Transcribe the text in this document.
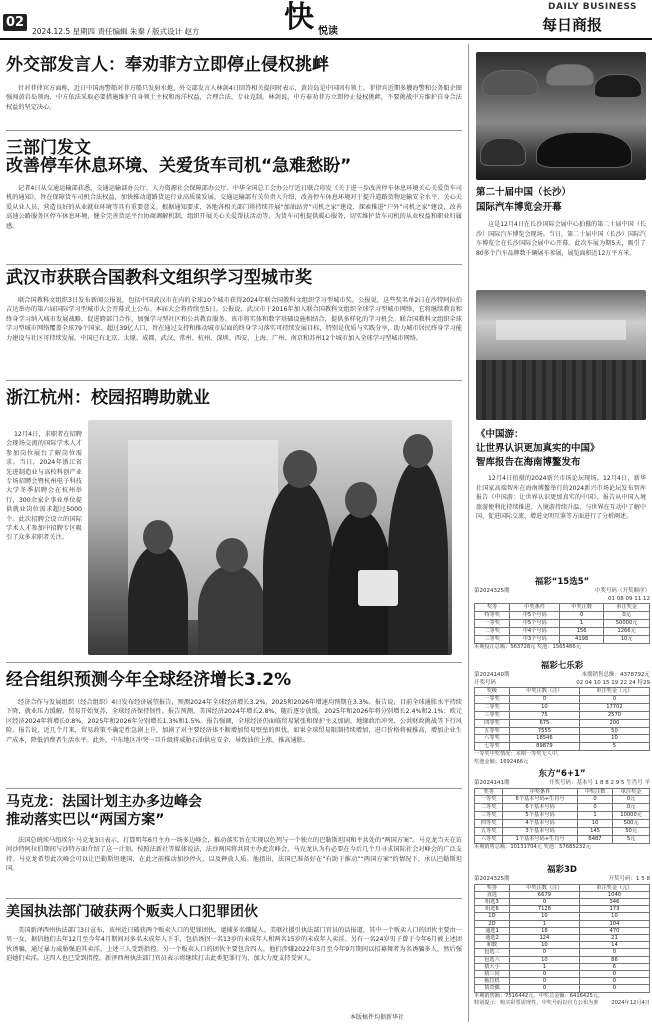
02
2024.12.5 星期四 责任编辑 朱秦 / 版式设计 赵方	快 悦读
DAILY BUSINESS
每日商报
外交部发言人：奉劝菲方立即停止侵权挑衅

针对菲律宾方面称，近日中国海警船对菲方船只发射水炮，外交部发言人林剑4日回答相关提问时表示，黄岩岛是中国固有领土。菲律宾近期多艘海警和公务船企图强闯黄岩岛领海，中方依法采取必要措施维护自身领土主权和海洋权益，合理合法、专业克制。林剑说，中方奉劝菲方立即停止侵权挑衅，不要挑战中方维护自身合法权益的坚定决心。

三部门发文
改善停车休息环境、关爱货车司机“急难愁盼”

记者4日从交通运输部获悉，交通运输部办公厅、人力资源社会保障部办公厅、中华全国总工会办公厅近日联合印发《关于进一步改善停车休息环境关心关爱货车司机的通知》，旨在保障货车司机合法权益，加快推动道路货运行业高质量发展。交通运输部有关负责人介绍，改善停车休息环境对于提升道路货物运输安全水平、关心关爱从业人员、营造良好的从业就业环境等具有重要意义。根据通知要求，各地各相关部门将持续开展“加油站旁”司机之家”建设、探索推进“户外”司机之家”建设，改善高速公路服务区停车休息环境，健全完善货运平台协商调解机制，组织开展关心关爱帮扶活动等，为货车司机提供暖心服务，切实维护货车司机的从业权益和职业归属感。

武汉市获联合国教科文组织学习型城市奖

联合国教科文组织3日发布新闻公报说，包括中国武汉市在内的全球10个城市获得2024年联合国教科文组织学习型城市奖。公报说，这些奖名单2日在沙特阿拉伯吉达举办的第六届国际学习型城市大会开幕式上公布。本届大会将持续至5日。公报说，武汉市于2016年加入联合国教科文组织全球学习型城市网络，它将继续教育和终身学习纳入城市发展战略，促进跨部门合作，加强学习型社区和公共教育服务。该市将实体和数字基础设施相结合，提供多样化的学习机会。联合国教科文组织全球学习型城市网络覆盖全球79个国家、超过39亿人口，旨在通过支持和推动城市层面的终身学习落实可持续发展目标，特别是优质与实践分享，助力城市居民终身学习能力建设与社区可持续发展。中国已有北京、太原、成都、武汉、常州、杭州、深圳、西安、上海、广州、南京和苏州12个城市加入全球学习型城市网络。

浙江杭州：校园招聘助就业

12月4日，求职者在招聘会现场交流的国际学术人才参加岗位展台了解岗位需求。当日，2024年浙江省先进制造业与高校科创产业专场招聘会暨杭州电子科技大学冬季招聘会在杭州举行，300余家企事业单位提供就业岗位需求超过5000个。此次招聘会设立的国际学术人才参加中招聘专区吸引了众多求职者关注。

经合组织预测今年全球经济增长3.2%

经济合作与发展组织（经合组织）4日发布经济展望报告，预测2024年全球经济增长3.2%，2025和2026年增速均预期在3.3%。报告说，目前全球通胀水平持续下降，就业压力缓解，贸易开始复苏，全球经济保持韧性。报告预测，美国经济2024年增长2.8%，随后逐步放缓，2025年和2026年将分别增长2.4%和2.1%；欧元区经济2024年将增长0.8%，2025年和2026年分别增长1.3%和1.5%。报告强调，全球经济仍面临贸易紧张和保护主义加剧、地缘政治冲突、公共财政挑战等下行风险。报告说，近几个月来，贸易政策不确定性急剧上升，加剧了对主要经济体不断增加贸易壁垒的担忧。如果全球贸易限制持续增加，进口价格将被推高，增加企业生产成本，降低消费者生活水平。此外，中东地区冲突一旦升级将威胁石油供应安全，导致油价上涨，推高通胀。

马克龙：法国计划主办多边峰会
推动落实巴以“两国方案”

法国总统埃马纽埃尔·马克龙3日表示，打算明年6月主办一场多边峰会，推动落实旨在实现以色列与一个独立的巴勒斯坦国和平共处的“两国方案”。马克龙当天在访问沙特阿拉伯期间与沙特方面介绍了这一计划。按照法新社等媒体说法，法沙两国将共同主办此次峰会，马克龙认为有必要在今后几个月寻求国际社会对峰会的广泛支持。马克龙希望此次峰会可以让巴勒斯坦建国，在此之前推动加沙停火，以及释放人质。他指出，法国已准备好在“有助于推动”“两国方案”的情况下，承认巴勒斯坦国。

美国执法部门破获两个贩卖人口犯罪团伙

美国新泽西州执法部门3日宣布，该州近日破获两个贩卖人口的犯罪团伙，逮捕多名嫌疑人。美联社援引执法部门官员的话报道，其中一个贩卖人口的团伙主要由一男一女，据信他们去年12月至今年4月期间对多名未成年人下手，包括诱拐一名13岁的未成年人和两名15岁的未成年人卖淫。另有一名24岁男子曾于今年6月被上述团伙诱骗，通过暴力威胁强迫其卖淫，上述三人受到指控。另一个贩卖人口的团伙主要包含四人，他们涉嫌2022年3月至今年9月期间以招募舞者为名诱骗多人，然后强迫她们卖淫。这四人也已受到指控。新泽西州执法部门官员表示将继续打击此类犯罪行为，加大力度支持受害人。

本版稿件均据新华社
第二十届中国（长沙）
国际汽车博览会开幕

这是12月4日在长沙国际会展中心拍摄的第二十届中国（长沙）国际汽车博览会现场。当日，第二十届中国（长沙）国际汽车博览会在长沙国际会展中心开幕。此次车展为期5天，吸引了80多个汽车品牌数千辆展车参展，展览面积近12万平方米。

《中国游：
让世界认识更加真实的中国》
智库报告在海南博鳌发布

12月4日拍摄的2024新兴市场论坛现场。12月4日，新华社国家高端智库在海南博鳌举行的2024新兴市场论坛发布智库报告《中国游：让世界认识更加真实的中国》。报告从中国入境旅游便利化持续推进、入境游持续升温、与世界在互动中了解中国、促进国际交流、增进文明互鉴等方面进行了分析阐述。

福彩“15选5”
第2024325期	中奖号码（开奖顺序）
01 08 09 11 12
奖等	中奖条件	中奖注数	单注奖金
特等奖	中5个号码	0	0元
一等奖	中5个号码	1	50000元
二等奖	中4个号码	156	1266元
三等奖	中3个号码	4198	10元
本期投注总额：563728元 奖池：1565486元
福彩七乐彩
第2024140期	本期销售总额：4378792元
开奖号码	02 04 10 15 19 22 24 特29
奖级	中奖注数（注）	单注奖金（元）
一等奖	0	0
二等奖	10	17702
三等奖	75	2570
四等奖	675	200
五等奖	7555	50
六等奖	18546	10
七等奖	89879	5
一等奖中奖情况：本期一等奖无人中。
奖池金额：1692466元
东方“6+1”
第2024141期	开奖号码：基本号 1 8 8 2 9 5 生肖号 羊
奖等	中奖条件	中奖注数	单注奖金
一等奖	6个基本号码+生肖号	0	0元
二等奖	6个基本号码	0	0元
三等奖	5个基本号码	1	10000元
四等奖	4个基本号码	10	500元
五等奖	3个基本号码	145	50元
六等奖	1个基本号码+生肖号	6487	5元
本期销售总额：10131704元 奖池：57685232元
福彩3D
第2024325期	开奖号码：1 5 8
奖等	中奖注数（注）	单注奖金（元）
直选	6679	1040
组选3	0	346
组选6	7128	173
1D	10	10
2D	1	104
通选1	18	470
通选2	124	21
和数	10	14
包选三	0	0
包选六	10	86
猜大小	1	6
猜三同	0	0
拖拉机	0	0
猜奇偶	0	0
本期销售额：7516442元，中奖总金额：6416425元。
特别提示：购买彩票需理性，中奖号码以官方公布为准 2024年12月4日
